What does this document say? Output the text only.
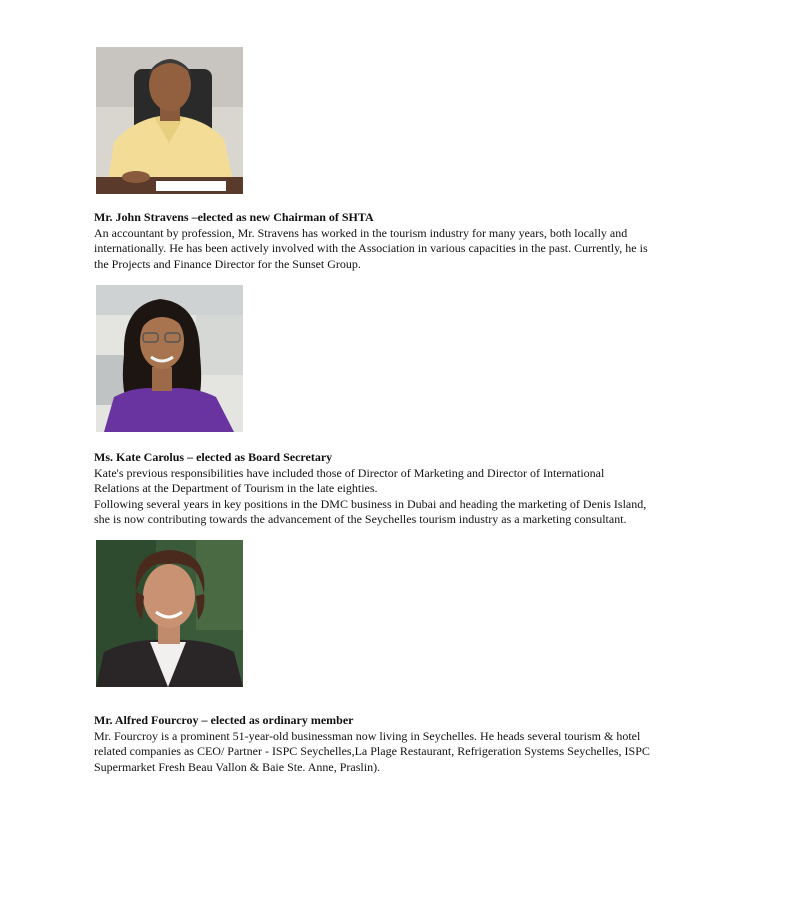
Mr. John Stravens –elected as new Chairman of SHTA
An accountant by profession, Mr. Stravens has worked in the tourism industry for many years, both locally and
internationally. He has been actively involved with the Association in various capacities in the past. Currently, he is
the Projects and Finance Director for the Sunset Group.
Ms. Kate Carolus – elected as Board Secretary
Kate's previous responsibilities have included those of Director of Marketing and Director of International
Relations at the Department of Tourism in the late eighties.
Following several years in key positions in the DMC business in Dubai and heading the marketing of Denis Island,
she is now contributing towards the advancement of the Seychelles tourism industry as a marketing consultant.
Mr. Alfred Fourcroy – elected as ordinary member
Mr. Fourcroy is a prominent 51-year-old businessman now living in Seychelles. He heads several tourism & hotel
related companies as CEO/ Partner - ISPC Seychelles,La Plage Restaurant, Refrigeration Systems Seychelles, ISPC
Supermarket Fresh Beau Vallon & Baie Ste. Anne, Praslin).
